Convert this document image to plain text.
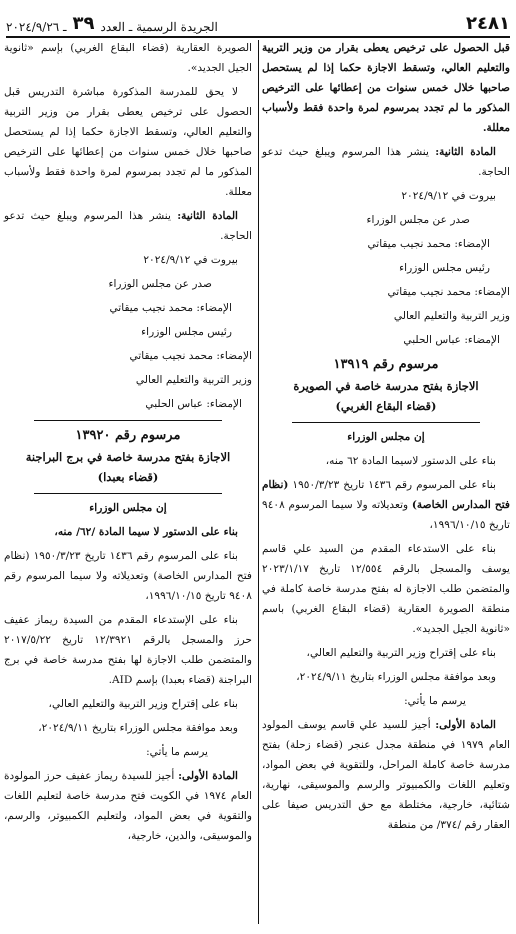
٢٤٨١
الجريدة الرسمية ـ العدد
٣٩
ـ ٢٠٢٤/٩/٢٦

قبل الحصول على ترخيص يعطى بقرار من وزير التربية والتعليم العالي، وتسقط الاجازة حكما إذا لم يستحصل صاحبها خلال خمس سنوات من إعطائها على الترخيص المذكور ما لم تجدد بمرسوم لمرة واحدة فقط ولأسباب معللة.

المادة الثانية: ينشر هذا المرسوم ويبلغ حيث تدعو الحاجة.

بيروت في ٢٠٢٤/٩/١٢

صدر عن مجلس الوزراء

الإمضاء: محمد نجيب ميقاتي

رئيس مجلس الوزراء

الإمضاء: محمد نجيب ميقاتي

وزير التربية والتعليم العالي

الإمضاء: عباس الحلبي

مرسوم رقم ١٣٩١٩
الاجازة بفتح مدرسة خاصة في الصويرة
(قضاء البقاع الغربي)
إن مجلس الوزراء

بناء على الدستور لاسيما المادة ٦٢ منه،

بناء على المرسوم رقم ١٤٣٦ تاريخ ١٩٥٠/٣/٢٣ (نظام فتح المدارس الخاصة) وتعديلاته ولا سيما المرسوم ٩٤٠٨ تاريخ ١٩٩٦/١٠/١٥،

بناء على الاستدعاء المقدم من السيد علي قاسم يوسف والمسجل بالرقم ١٢/٥٥٤ تاريخ ٢٠٢٣/١/١٧ والمتضمن طلب الاجازة له بفتح مدرسة خاصة كاملة في منطقة الصويرة العقارية (قضاء البقاع الغربي) باسم «ثانوية الجيل الجديد».

بناء على إقتراح وزير التربية والتعليم العالي،

وبعد موافقة مجلس الوزراء بتاريخ ٢٠٢٤/٩/١١،

يرسم ما يأتي:

المادة الأولى: أجيز للسيد علي قاسم يوسف المولود العام ١٩٧٩ في منطقة مجدل عنجر (قضاء زحلة) بفتح مدرسة خاصة كاملة المراحل، وللتقوية في بعض المواد، وتعليم اللغات والكمبيوتر والرسم والموسيقى، نهارية، شتائية، خارجية، مختلطة مع حق التدريس صيفا على العقار رقم /٣٧٤/ من منطقة

الصويرة العقارية (قضاء البقاع الغربي) بإسم «ثانوية الجيل الجديد».

لا يحق للمدرسة المذكورة مباشرة التدريس قبل الحصول على ترخيص يعطى بقرار من وزير التربية والتعليم العالي، وتسقط الاجازة حكما إذا لم يستحصل صاحبها خلال خمس سنوات من إعطائها على الترخيص المذكور ما لم تجدد بمرسوم لمرة واحدة فقط ولأسباب معللة.

المادة الثانية: ينشر هذا المرسوم ويبلغ حيث تدعو الحاجة.

بيروت في ٢٠٢٤/٩/١٢

صدر عن مجلس الوزراء

الإمضاء: محمد نجيب ميقاتي

رئيس مجلس الوزراء

الإمضاء: محمد نجيب ميقاتي

وزير التربية والتعليم العالي

الإمضاء: عباس الحلبي

مرسوم رقم ١٣٩٢٠
الاجازة بفتح مدرسة خاصة في برج البراجنة
(قضاء بعبدا)
إن مجلس الوزراء

بناء على الدستور لا سيما المادة /٦٢/ منه،

بناء على المرسوم رقم ١٤٣٦ تاريخ ١٩٥٠/٣/٢٣ (نظام فتح المدارس الخاصة) وتعديلاته ولا سيما المرسوم رقم ٩٤٠٨ تاريخ ١٩٩٦/١٠/١٥،

بناء على الإستدعاء المقدم من السيدة ريماز عفيف حرز والمسجل بالرقم ١٢/٣٩٢١ تاريخ ٢٠١٧/٥/٢٢ والمتضمن طلب الاجازة لها بفتح مدرسة خاصة في برج البراجنة (قضاء بعبدا) بإسم AID.

بناء على إقتراح وزير التربية والتعليم العالي،

وبعد موافقة مجلس الوزراء بتاريخ ٢٠٢٤/٩/١١،

يرسم ما يأتي:

المادة الأولى: أجيز للسيدة ريماز عفيف حرز المولودة العام ١٩٧٤ في الكويت فتح مدرسة خاصة لتعليم اللغات والتقوية في بعض المواد، ولتعليم الكمبيوتر، والرسم، والموسيقى، والدين، خارجية،
